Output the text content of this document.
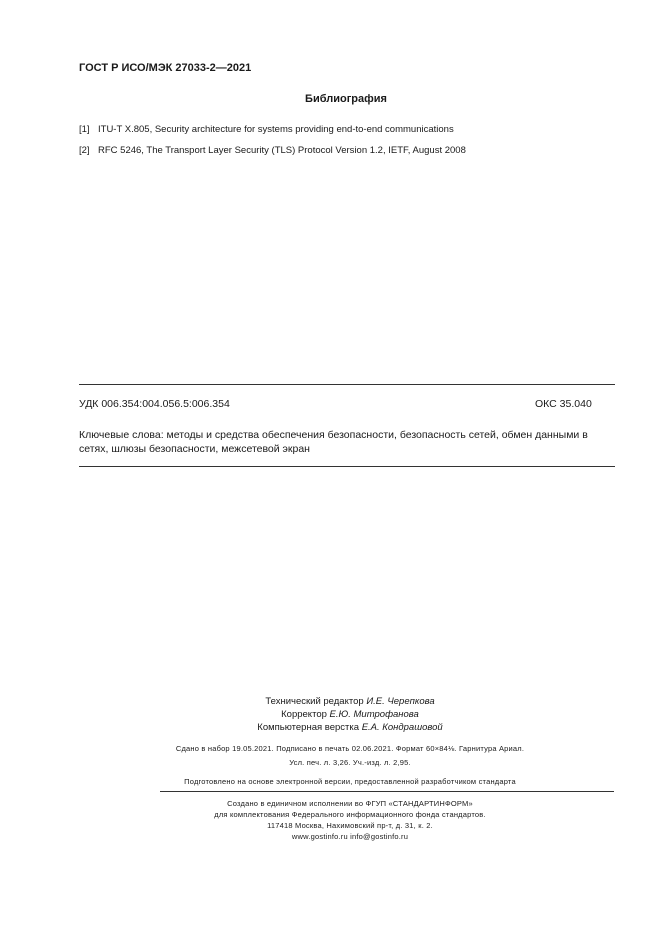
ГОСТ Р ИСО/МЭК 27033-2—2021
Библиография
[1] ITU-T X.805, Security architecture for systems providing end-to-end communications
[2] RFC 5246, The Transport Layer Security (TLS) Protocol Version 1.2, IETF, August 2008
УДК 006.354:004.056.5:006.354	ОКС 35.040
Ключевые слова: методы и средства обеспечения безопасности, безопасность сетей, обмен данными в
сетях, шлюзы безопасности, межсетевой экран
Технический редактор И.Е. Черепкова
Корректор Е.Ю. Митрофанова
Компьютерная верстка Е.А. Кондрашовой
Сдано в набор 19.05.2021. Подписано в печать 02.06.2021. Формат 60×84⅛. Гарнитура Ариал.
Усл. печ. л. 3,26. Уч.-изд. л. 2,95.
Подготовлено на основе электронной версии, предоставленной разработчиком стандарта
Создано в единичном исполнении во ФГУП «СТАНДАРТИНФОРМ»
для комплектования Федерального информационного фонда стандартов.
117418 Москва, Нахимовский пр-т, д. 31, к. 2.
www.gostinfo.ru info@gostinfo.ru
